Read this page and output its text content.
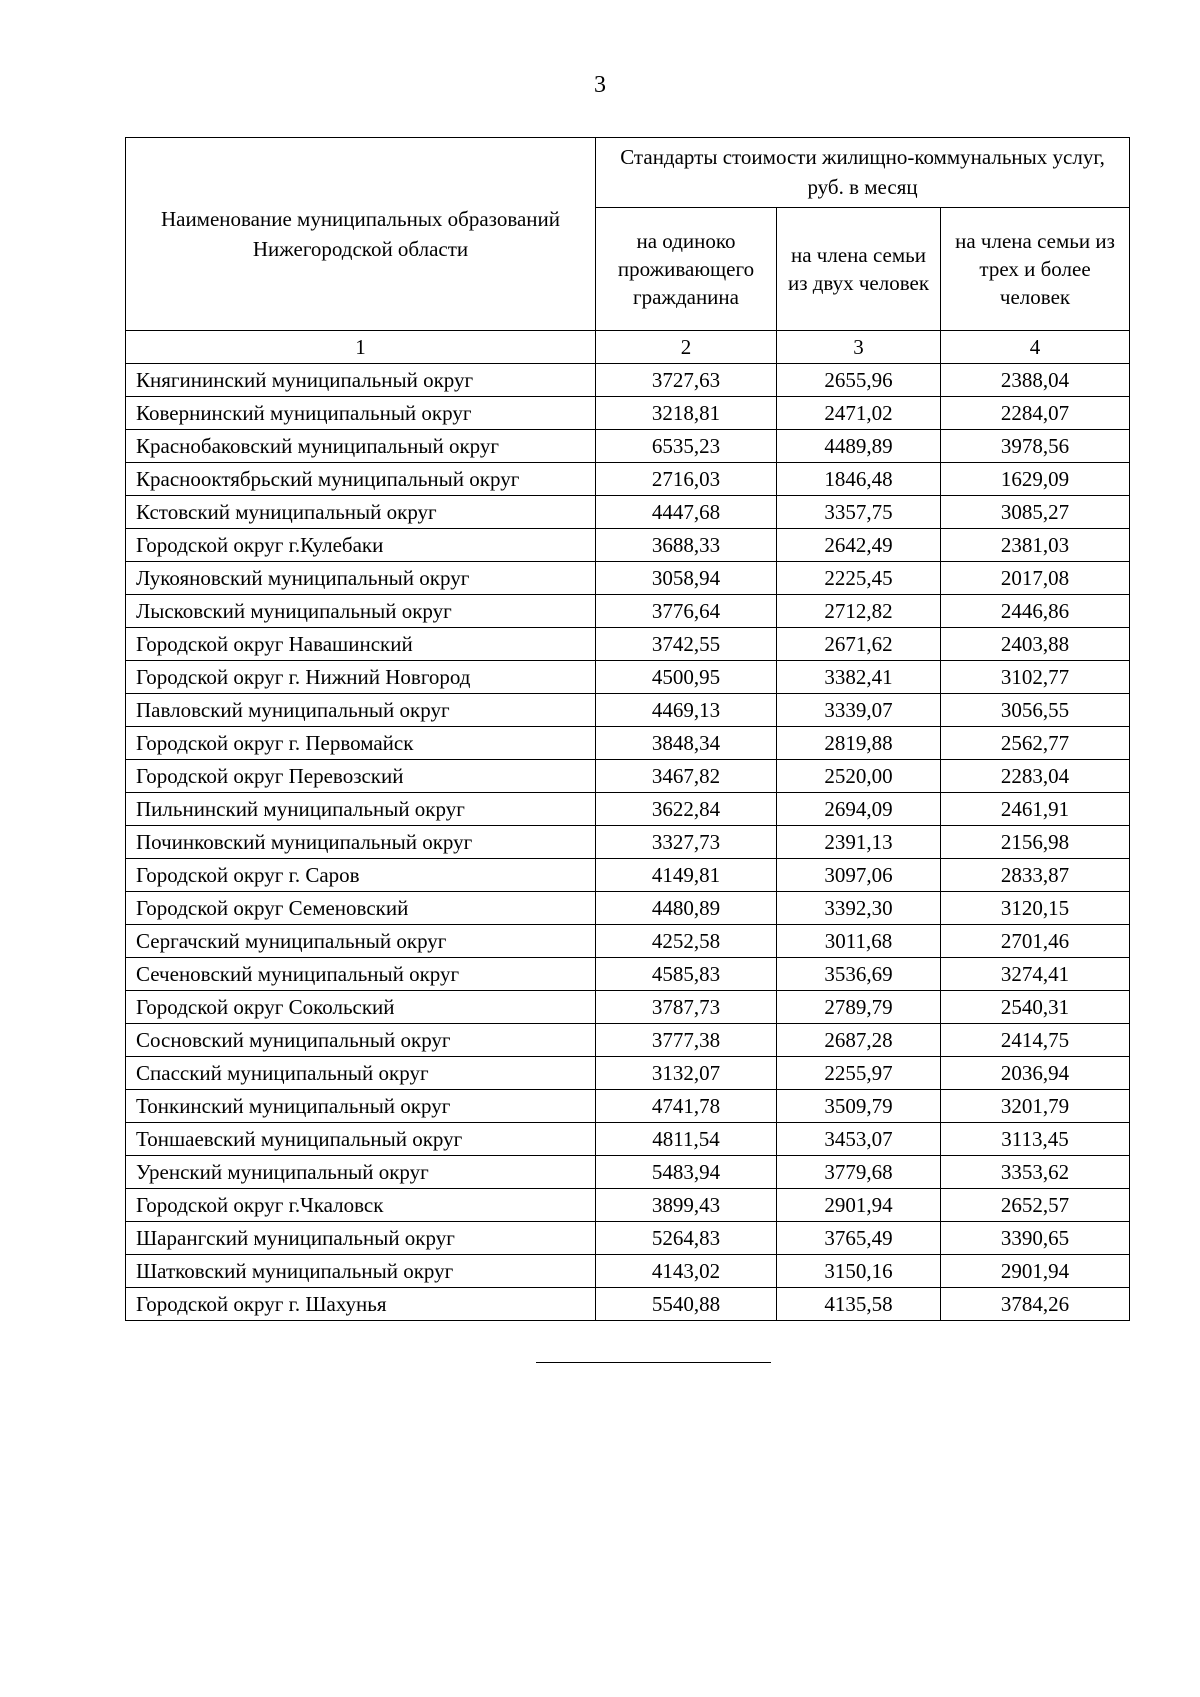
3
Наименование муниципальных образований Нижегородской области	Стандарты стоимости жилищно-коммунальных услуг, руб. в месяц		
	на одиноко проживающего гражданина	на члена семьи из двух человек	на члена семьи из трех и более человек
1	2	3	4
Княгининский муниципальный округ	3727,63	2655,96	2388,04
Ковернинский муниципальный округ	3218,81	2471,02	2284,07
Краснобаковский муниципальный округ	6535,23	4489,89	3978,56
Краснооктябрьский муниципальный округ	2716,03	1846,48	1629,09
Кстовский муниципальный округ	4447,68	3357,75	3085,27
Городской округ г.Кулебаки	3688,33	2642,49	2381,03
Лукояновский муниципальный округ	3058,94	2225,45	2017,08
Лысковский муниципальный округ	3776,64	2712,82	2446,86
Городской округ Навашинский	3742,55	2671,62	2403,88
Городской округ г. Нижний Новгород	4500,95	3382,41	3102,77
Павловский муниципальный округ	4469,13	3339,07	3056,55
Городской округ г. Первомайск	3848,34	2819,88	2562,77
Городской округ Перевозский	3467,82	2520,00	2283,04
Пильнинский муниципальный округ	3622,84	2694,09	2461,91
Починковский муниципальный округ	3327,73	2391,13	2156,98
Городской округ г. Саров	4149,81	3097,06	2833,87
Городской округ Семеновский	4480,89	3392,30	3120,15
Сергачский муниципальный округ	4252,58	3011,68	2701,46
Сеченовский муниципальный округ	4585,83	3536,69	3274,41
Городской округ Сокольский	3787,73	2789,79	2540,31
Сосновский муниципальный округ	3777,38	2687,28	2414,75
Спасский муниципальный округ	3132,07	2255,97	2036,94
Тонкинский муниципальный округ	4741,78	3509,79	3201,79
Тоншаевский муниципальный округ	4811,54	3453,07	3113,45
Уренский муниципальный округ	5483,94	3779,68	3353,62
Городской округ г.Чкаловск	3899,43	2901,94	2652,57
Шарангский муниципальный округ	5264,83	3765,49	3390,65
Шатковский муниципальный округ	4143,02	3150,16	2901,94
Городской округ г. Шахунья	5540,88	4135,58	3784,26
